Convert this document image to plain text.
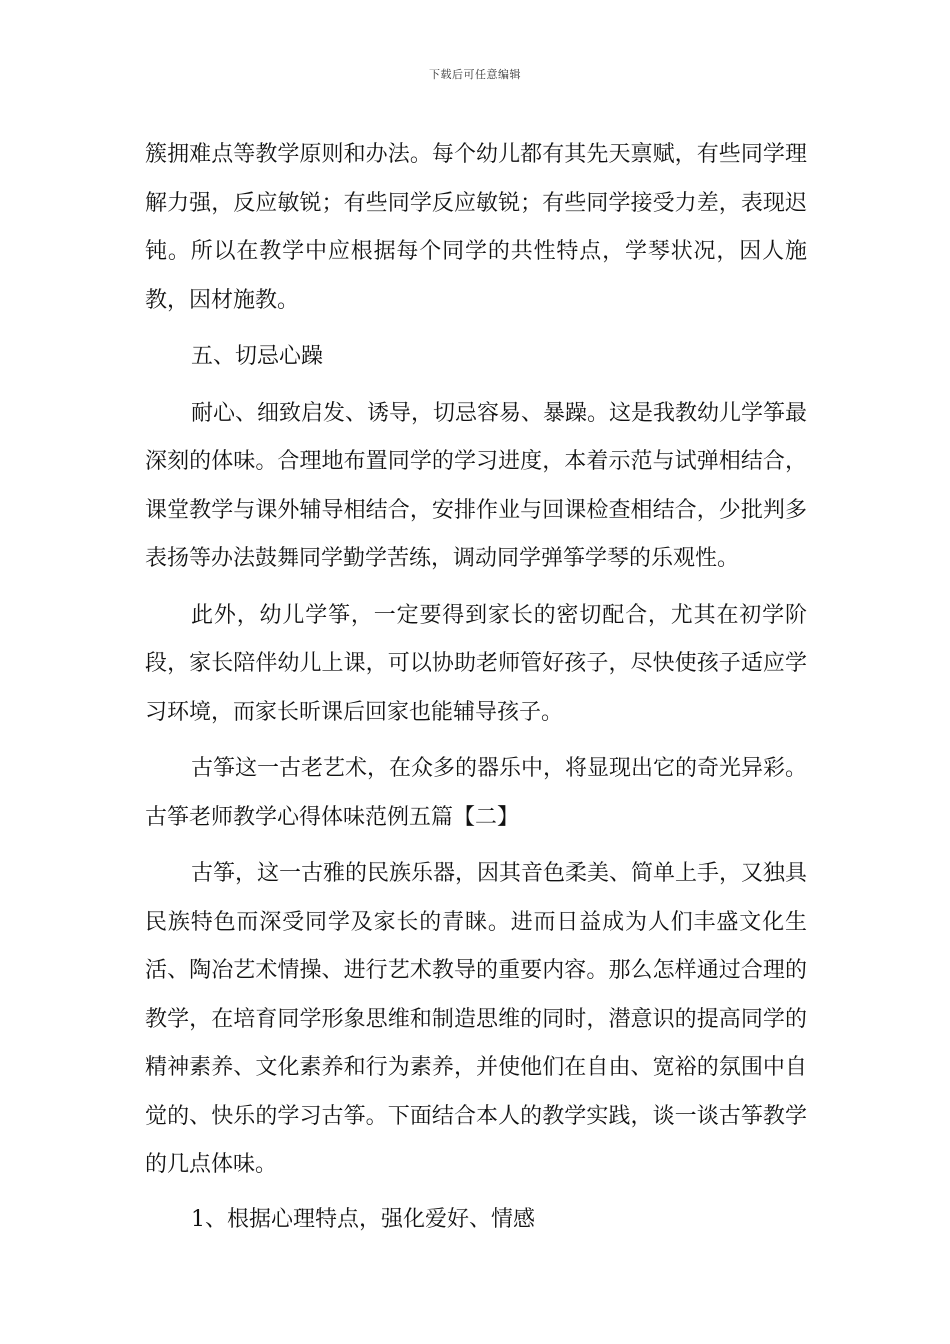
下载后可任意编辑

簇拥难点等教学原则和办法。每个幼儿都有其先天禀赋，有些同学理解力强，反应敏锐；有些同学反应敏锐；有些同学接受力差，表现迟钝。所以在教学中应根据每个同学的共性特点，学琴状况，因人施教，因材施教。

五、切忌心躁

耐心、细致启发、诱导，切忌容易、暴躁。这是我教幼儿学筝最深刻的体味。合理地布置同学的学习进度，本着示范与试弹相结合，课堂教学与课外辅导相结合，安排作业与回课检查相结合，少批判多表扬等办法鼓舞同学勤学苦练，调动同学弹筝学琴的乐观性。

此外，幼儿学筝，一定要得到家长的密切配合，尤其在初学阶段，家长陪伴幼儿上课，可以协助老师管好孩子，尽快使孩子适应学习环境，而家长昕课后回家也能辅导孩子。

古筝这一古老艺术，在众多的器乐中，将显现出它的奇光异彩。

古筝老师教学心得体味范例五篇【二】

古筝，这一古雅的民族乐器，因其音色柔美、简单上手，又独具民族特色而深受同学及家长的青睐。进而日益成为人们丰盛文化生活、陶冶艺术情操、进行艺术教导的重要内容。那么怎样通过合理的教学，在培育同学形象思维和制造思维的同时，潜意识的提高同学的精神素养、文化素养和行为素养，并使他们在自由、宽裕的氛围中自觉的、快乐的学习古筝。下面结合本人的教学实践，谈一谈古筝教学的几点体味。

1、根据心理特点，强化爱好、情感
